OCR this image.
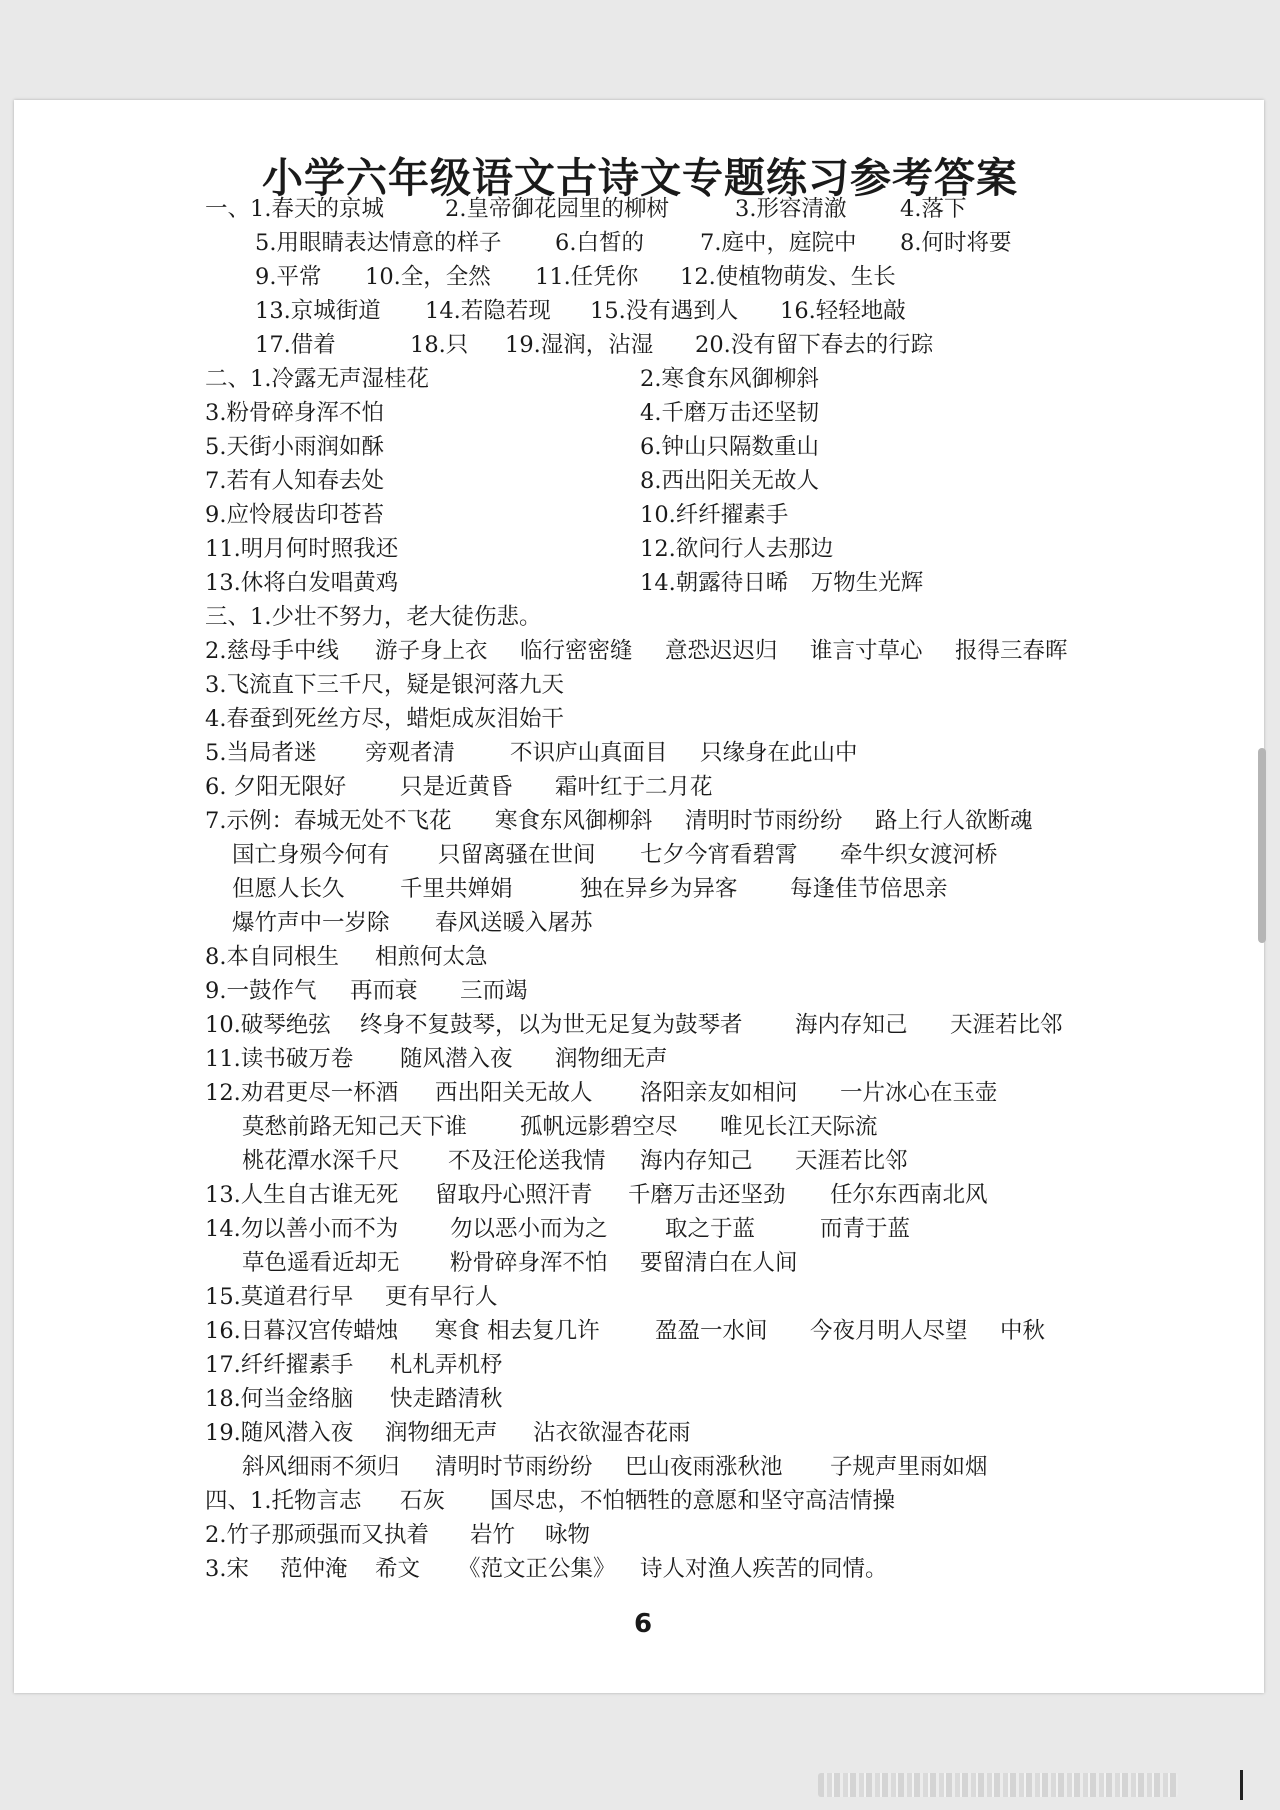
小学六年级语文古诗文专题练习参考答案
一、1.春天的京城	2.皇帝御花园里的柳树	3.形容清澈 4.落下
5.用眼睛表达情意的样子 6.白皙的 7.庭中，庭院中 8.何时将要
9.平常 10.全，全然 11.任凭你 12.使植物萌发、生长
13.京城街道 14.若隐若现 15.没有遇到人 16.轻轻地敲
17.借着	18.只 19.湿润，沾湿 20.没有留下春去的行踪
二、1.冷露无声湿桂花	2.寒食东风御柳斜
3.粉骨碎身浑不怕	4.千磨万击还坚韧
5.天街小雨润如酥	6.钟山只隔数重山
7.若有人知春去处	8.西出阳关无故人
9.应怜屐齿印苍苔	10.纤纤擢素手
11.明月何时照我还	12.欲问行人去那边
13.休将白发唱黄鸡	14.朝露待日晞　万物生光辉
三、1.少壮不努力，老大徒伤悲。
2.慈母手中线 游子身上衣 临行密密缝 意恐迟迟归 谁言寸草心 报得三春晖
3.飞流直下三千尺，疑是银河落九天
4.春蚕到死丝方尽，蜡炬成灰泪始干
5.当局者迷 旁观者清 不识庐山真面目 只缘身在此山中
6. 夕阳无限好 只是近黄昏 霜叶红于二月花
7.示例：春城无处不飞花 寒食东风御柳斜 清明时节雨纷纷 路上行人欲断魂
国亡身殒今何有 只留离骚在世间 七夕今宵看碧霄 牵牛织女渡河桥
但愿人长久 千里共婵娟	独在异乡为异客 每逢佳节倍思亲
爆竹声中一岁除 春风送暖入屠苏
8.本自同根生 相煎何太急
9.一鼓作气 再而衰 三而竭
10.破琴绝弦 终身不复鼓琴，以为世无足复为鼓琴者 海内存知己 天涯若比邻
11.读书破万卷 随风潜入夜 润物细无声
12.劝君更尽一杯酒 西出阳关无故人 洛阳亲友如相问 一片冰心在玉壶
莫愁前路无知己天下谁 孤帆远影碧空尽 唯见长江天际流
桃花潭水深千尺 不及汪伦送我情 海内存知己 天涯若比邻
13.人生自古谁无死 留取丹心照汗青 千磨万击还坚劲 任尔东西南北风
14.勿以善小而不为 勿以恶小而为之	取之于蓝	而青于蓝
草色遥看近却无 粉骨碎身浑不怕 要留清白在人间
15.莫道君行早 更有早行人
16.日暮汉宫传蜡烛 寒食 相去复几许 盈盈一水间 今夜月明人尽望 中秋
17.纤纤擢素手 札札弄机杼
18.何当金络脑 快走踏清秋
19.随风潜入夜 润物细无声 沾衣欲湿杏花雨
斜风细雨不须归 清明时节雨纷纷 巴山夜雨涨秋池 子规声里雨如烟
四、1.托物言志 石灰 国尽忠，不怕牺牲的意愿和坚守高洁情操
2.竹子那顽强而又执着 岩竹 咏物
3.宋 范仲淹 希文 《范文正公集》 诗人对渔人疾苦的同情。
6
